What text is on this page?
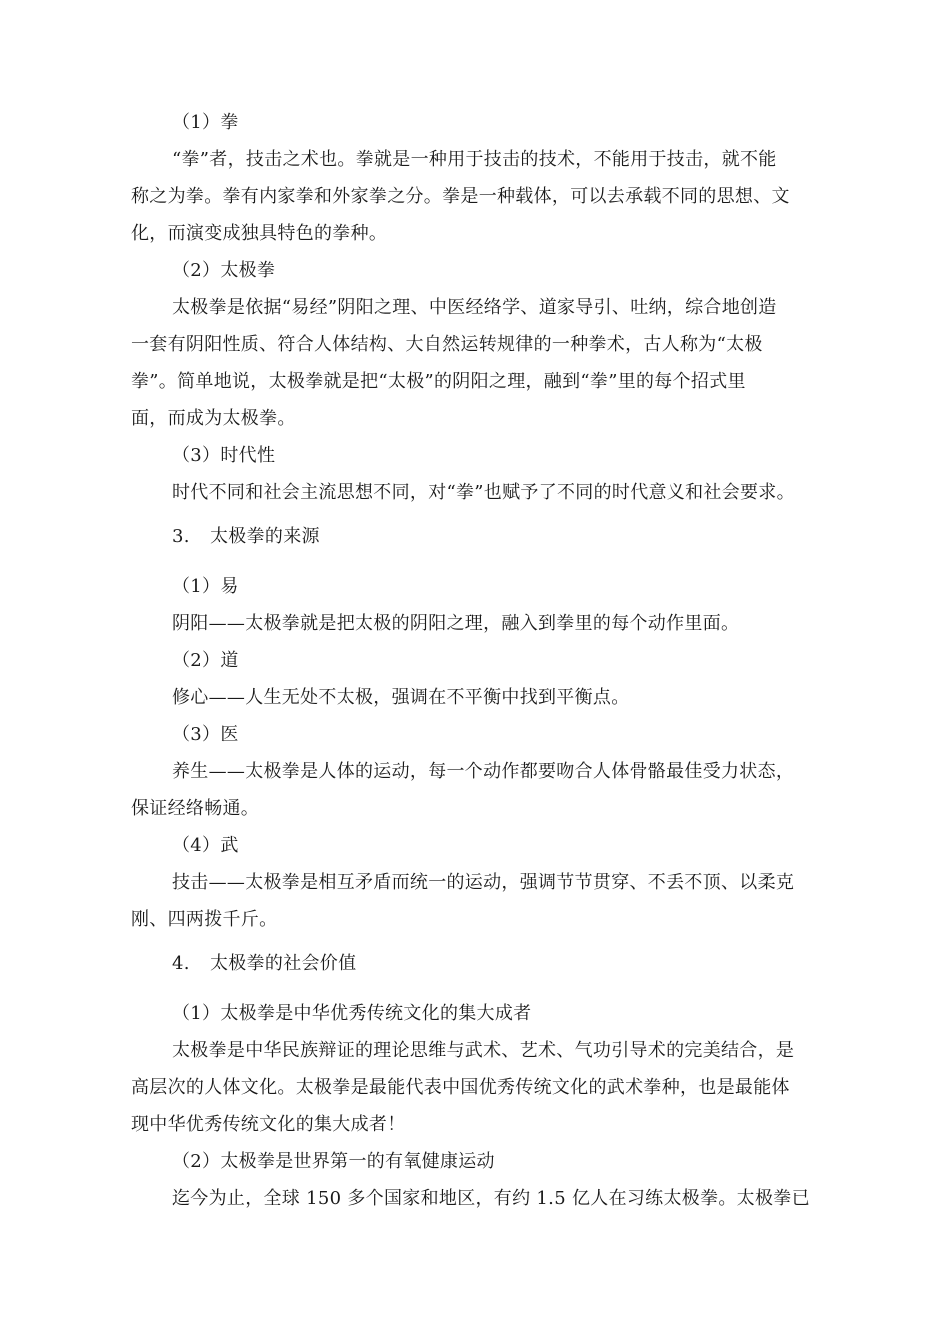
（1）拳
“拳”者，技击之术也。拳就是一种用于技击的技术，不能用于技击，就不能
称之为拳。拳有内家拳和外家拳之分。拳是一种载体，可以去承载不同的思想、文
化，而演变成独具特色的拳种。
（2）太极拳
太极拳是依据“易经”阴阳之理、中医经络学、道家导引、吐纳，综合地创造
一套有阴阳性质、符合人体结构、大自然运转规律的一种拳术，古人称为“太极
拳”。简单地说，太极拳就是把“太极”的阴阳之理，融到“拳”里的每个招式里
面，而成为太极拳。
（3）时代性
时代不同和社会主流思想不同，对“拳”也赋予了不同的时代意义和社会要求。
3. 太极拳的来源
（1）易
阴阳——太极拳就是把太极的阴阳之理，融入到拳里的每个动作里面。
（2）道
修心——人生无处不太极，强调在不平衡中找到平衡点。
（3）医
养生——太极拳是人体的运动，每一个动作都要吻合人体骨骼最佳受力状态，
保证经络畅通。
（4）武
技击——太极拳是相互矛盾而统一的运动，强调节节贯穿、不丢不顶、以柔克
刚、四两拨千斤。
4. 太极拳的社会价值
（1）太极拳是中华优秀传统文化的集大成者
太极拳是中华民族辩证的理论思维与武术、艺术、气功引导术的完美结合，是
高层次的人体文化。太极拳是最能代表中国优秀传统文化的武术拳种，也是最能体
现中华优秀传统文化的集大成者！
（2）太极拳是世界第一的有氧健康运动
迄今为止，全球 150 多个国家和地区，有约 1.5 亿人在习练太极拳。太极拳已
